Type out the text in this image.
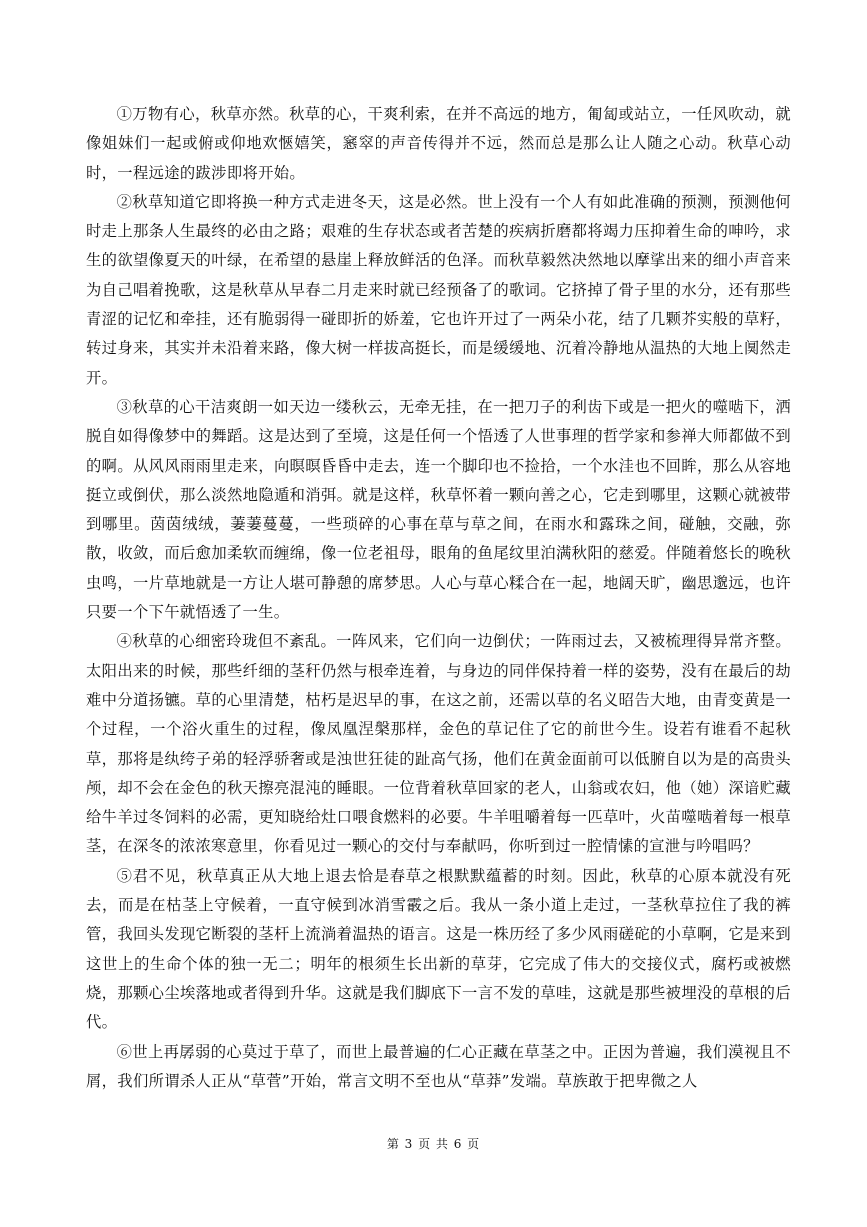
①万物有心，秋草亦然。秋草的心，干爽利索，在并不高远的地方，匍匐或站立，一任风吹动，就像姐妹们一起或俯或仰地欢愜嬉笑，窸窣的声音传得并不远，然而总是那么让人随之心动。秋草心动时，一程远途的跋涉即将开始。

②秋草知道它即将换一种方式走进冬天，这是必然。世上没有一个人有如此准确的预测，预测他何时走上那条人生最终的必由之路；艰难的生存状态或者苦楚的疾病折磨都将竭力压抑着生命的呻吟，求生的欲望像夏天的叶绿，在希望的悬崖上释放鲜活的色泽。而秋草毅然决然地以摩挲出来的细小声音来为自己唱着挽歌，这是秋草从早春二月走来时就已经预备了的歌词。它挤掉了骨子里的水分，还有那些青涩的记忆和牵挂，还有脆弱得一碰即折的娇羞，它也许开过了一两朵小花，结了几颗芥实般的草籽，转过身来，其实并未沿着来路，像大树一样拔高挺长，而是缓缓地、沉着冷静地从温热的大地上阒然走开。

③秋草的心干洁爽朗一如天边一缕秋云，无牵无挂，在一把刀子的利齿下或是一把火的噬啮下，洒脱自如得像梦中的舞蹈。这是达到了至境，这是任何一个悟透了人世事理的哲学家和参禅大师都做不到的啊。从风风雨雨里走来，向暝暝昏昏中走去，连一个脚印也不捡拾，一个水洼也不回眸，那么从容地挺立或倒伏，那么淡然地隐遁和消弭。就是这样，秋草怀着一颗向善之心，它走到哪里，这颗心就被带到哪里。茵茵绒绒，萋萋蔓蔓，一些琐碎的心事在草与草之间，在雨水和露珠之间，碰触，交融，弥散，收敛，而后愈加柔软而缠绵，像一位老祖母，眼角的鱼尾纹里泊满秋阳的慈爱。伴随着悠长的晚秋虫鸣，一片草地就是一方让人堪可静憩的席梦思。人心与草心糅合在一起，地阔天旷，幽思邈远，也许只要一个下午就悟透了一生。

④秋草的心细密玲珑但不紊乱。一阵风来，它们向一边倒伏；一阵雨过去，又被梳理得异常齐整。太阳出来的时候，那些纤细的茎秆仍然与根牵连着，与身边的同伴保持着一样的姿势，没有在最后的劫难中分道扬镳。草的心里清楚，枯朽是迟早的事，在这之前，还需以草的名义昭告大地，由青变黄是一个过程，一个浴火重生的过程，像凤凰涅槃那样，金色的草记住了它的前世今生。设若有谁看不起秋草，那将是纨绔子弟的轻浮骄奢或是浊世狂徒的趾高气扬，他们在黄金面前可以低腑自以为是的高贵头颅，却不会在金色的秋天擦亮混沌的睡眼。一位背着秋草回家的老人，山翁或农妇，他（她）深谙贮藏给牛羊过冬饲料的必需，更知晓给灶口喂食燃料的必要。牛羊咀嚼着每一匹草叶，火苗噬啮着每一根草茎，在深冬的浓浓寒意里，你看见过一颗心的交付与奉献吗，你听到过一腔情愫的宣泄与吟唱吗？

⑤君不见，秋草真正从大地上退去恰是春草之根默默蕴蓄的时刻。因此，秋草的心原本就没有死去，而是在枯茎上守候着，一直守候到冰消雪霰之后。我从一条小道上走过，一茎秋草拉住了我的裤管，我回头发现它断裂的茎杆上流淌着温热的语言。这是一株历经了多少风雨磋砣的小草啊，它是来到这世上的生命个体的独一无二；明年的根须生长出新的草芽，它完成了伟大的交接仪式，腐朽或被燃烧，那颗心尘埃落地或者得到升华。这就是我们脚底下一言不发的草哇，这就是那些被埋没的草根的后代。

⑥世上再孱弱的心莫过于草了，而世上最普遍的仁心正藏在草茎之中。正因为普遍，我们漠视且不屑，我们所谓杀人正从“草菅”开始，常言文明不至也从“草莽”发端。草族敢于把卑微之人

第 3 页 共 6 页
